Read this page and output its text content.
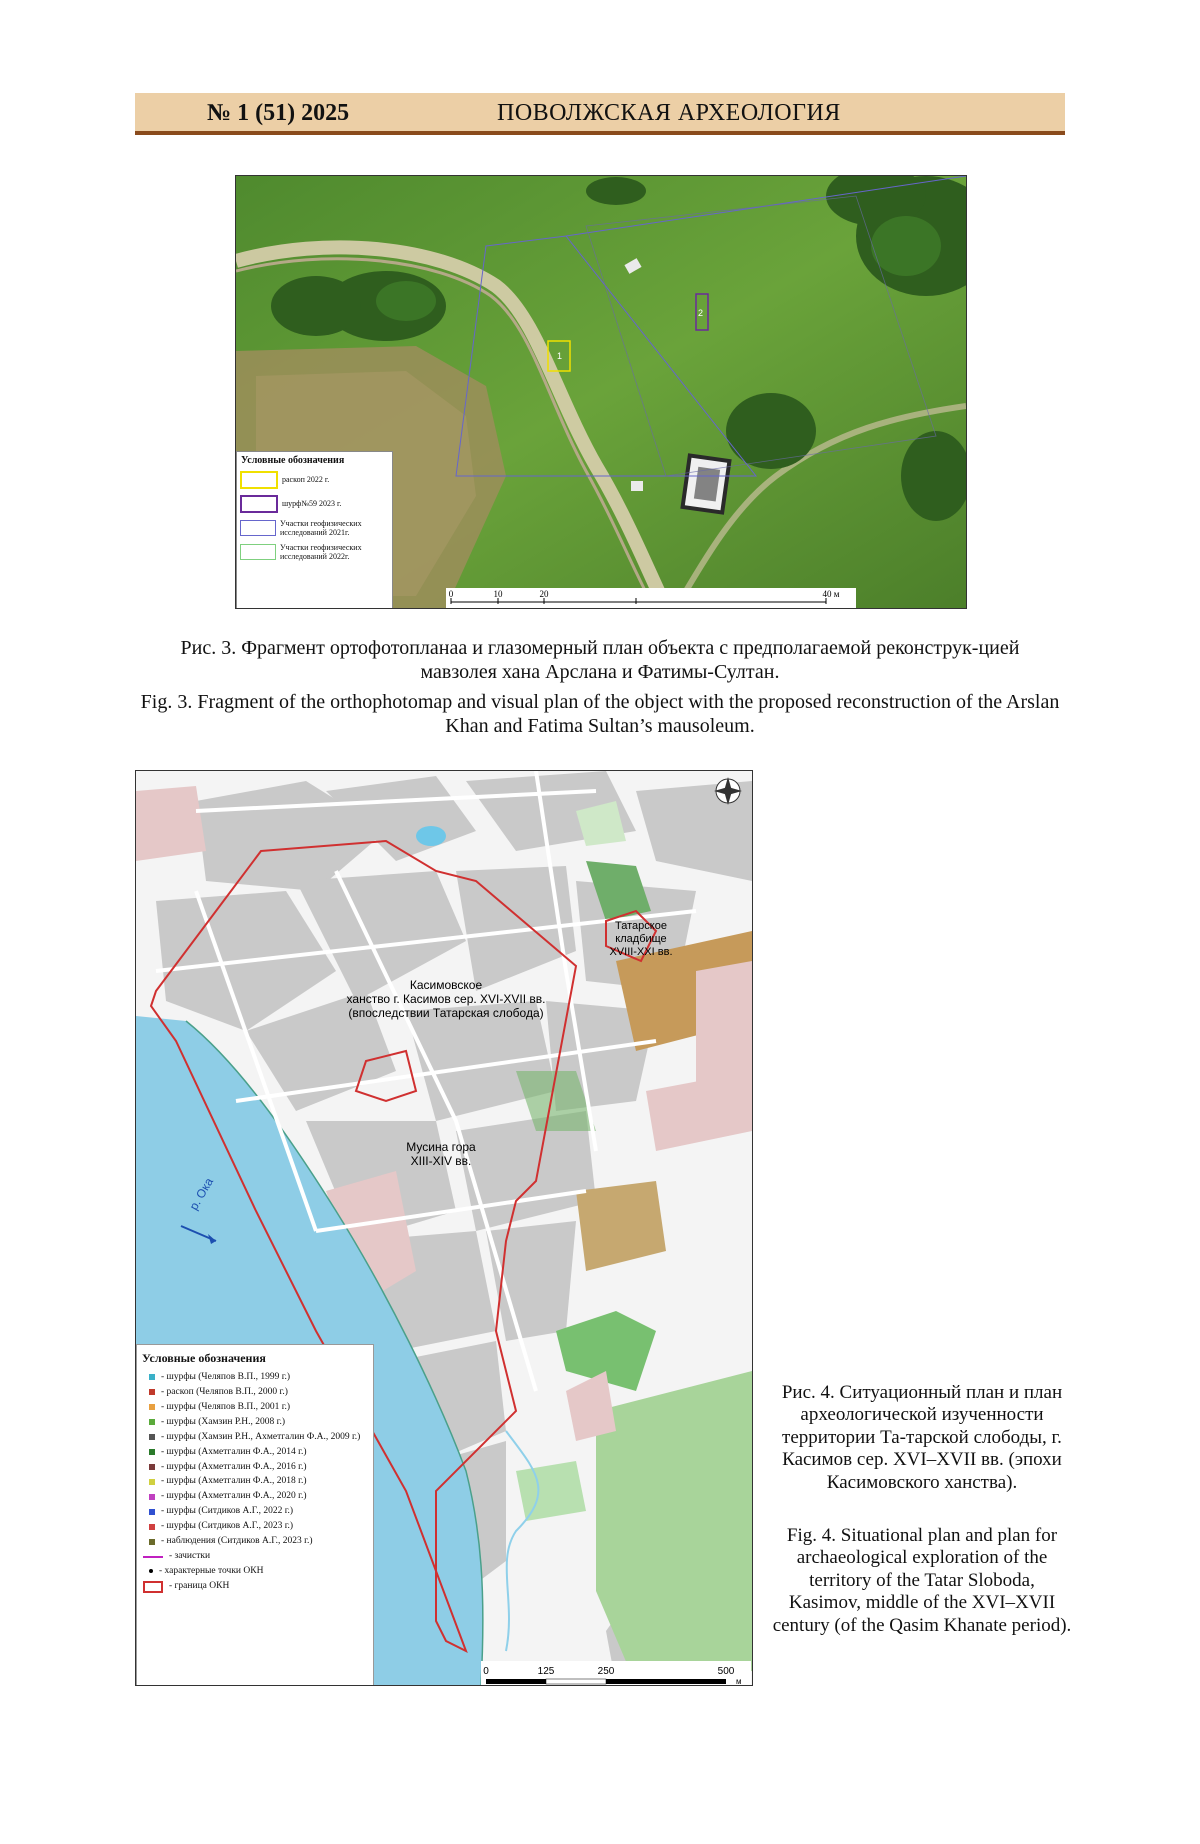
№ 1 (51) 2025	ПОВОЛЖСКАЯ АРХЕОЛОГИЯ
1
2
Условные обозначения
раскоп 2022 г.
шурф№59 2023 г.
Участки геофизических исследований 2021г.
Участки геофизических исследований 2022г.
0	10	20	40 м
Рис. 3. Фрагмент ортофотопланаа и глазомерный план объекта с предполагаемой реконструк-цией мавзолея хана Арслана и Фатимы-Султан.
Fig. 3. Fragment of the orthophotomap and visual plan of the object with the proposed reconstruction of the Arslan Khan and Fatima Sultan’s mausoleum.
Касимовское
ханство г. Касимов сер. XVI-XVII вв.
(впоследствии Татарская слобода)
Татарское
кладбище
XVIII-XXI вв.
Мусина гора
XIII-XIV вв.
р. Ока
0	125	250	500
м
Условные обозначения
- шурфы (Челяпов В.П., 1999 г.)
- раскоп (Челяпов В.П., 2000 г.)
- шурфы (Челяпов В.П., 2001 г.)
- шурфы (Хамзин Р.Н., 2008 г.)
- шурфы (Хамзин Р.Н., Ахметгалин Ф.А., 2009 г.)
- шурфы (Ахметгалин Ф.А., 2014 г.)
- шурфы (Ахметгалин Ф.А., 2016 г.)
- шурфы (Ахметгалин Ф.А., 2018 г.)
- шурфы (Ахметгалин Ф.А., 2020 г.)
- шурфы (Ситдиков А.Г., 2022 г.)
- шурфы (Ситдиков А.Г., 2023 г.)
- наблюдения (Ситдиков А.Г., 2023 г.)
- зачистки
- характерные точки ОКН
- граница ОКН
Рис. 4. Ситуационный план и план археологической изученности территории Та-тарской слободы, г. Касимов сер. XVI–XVII вв. (эпохи Касимовского ханства).
Fig. 4. Situational plan and plan for archaeological exploration of the territory of the Tatar Sloboda, Kasimov, middle of the XVI–XVII century (of the Qasim Khanate period).
